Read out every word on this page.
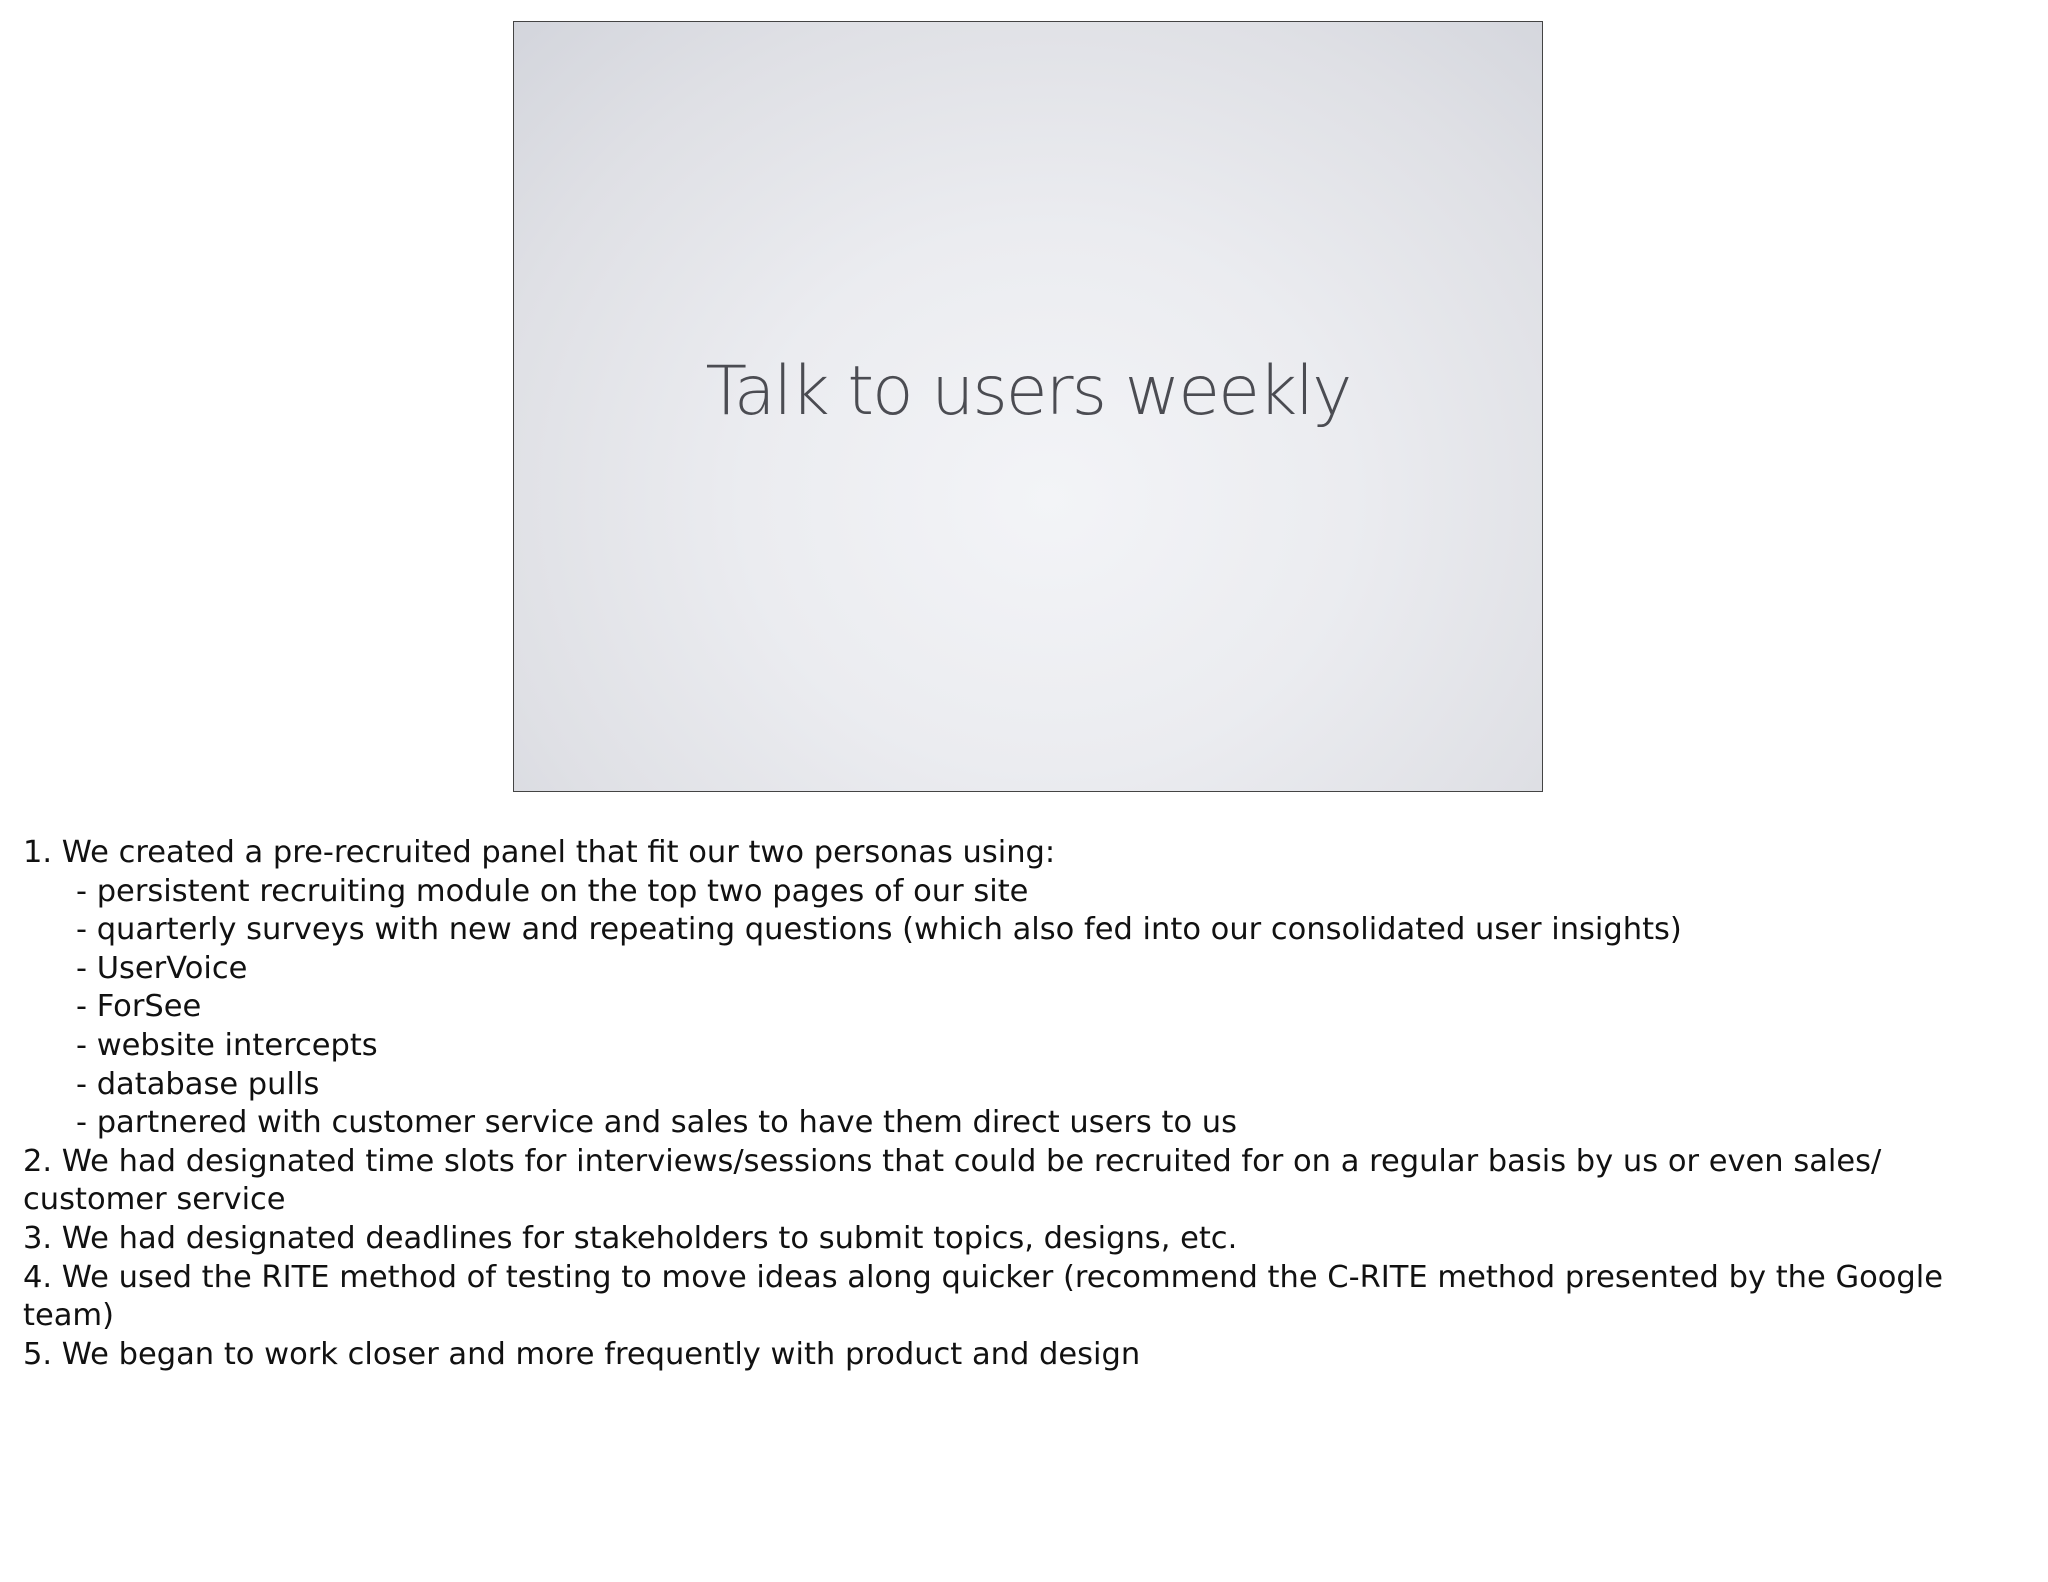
Talk to users weekly
1. We created a pre-recruited panel that fit our two personas using:
- persistent recruiting module on the top two pages of our site
- quarterly surveys with new and repeating questions (which also fed into our consolidated user insights)
- UserVoice
- ForSee
- website intercepts
- database pulls
- partnered with customer service and sales to have them direct users to us
2. We had designated time slots for interviews/sessions that could be recruited for on a regular basis by us or even sales/ customer service
3. We had designated deadlines for stakeholders to submit topics, designs, etc.
4. We used the RITE method of testing to move ideas along quicker (recommend the C-RITE method presented by the Google team)
5. We began to work closer and more frequently with product and design
